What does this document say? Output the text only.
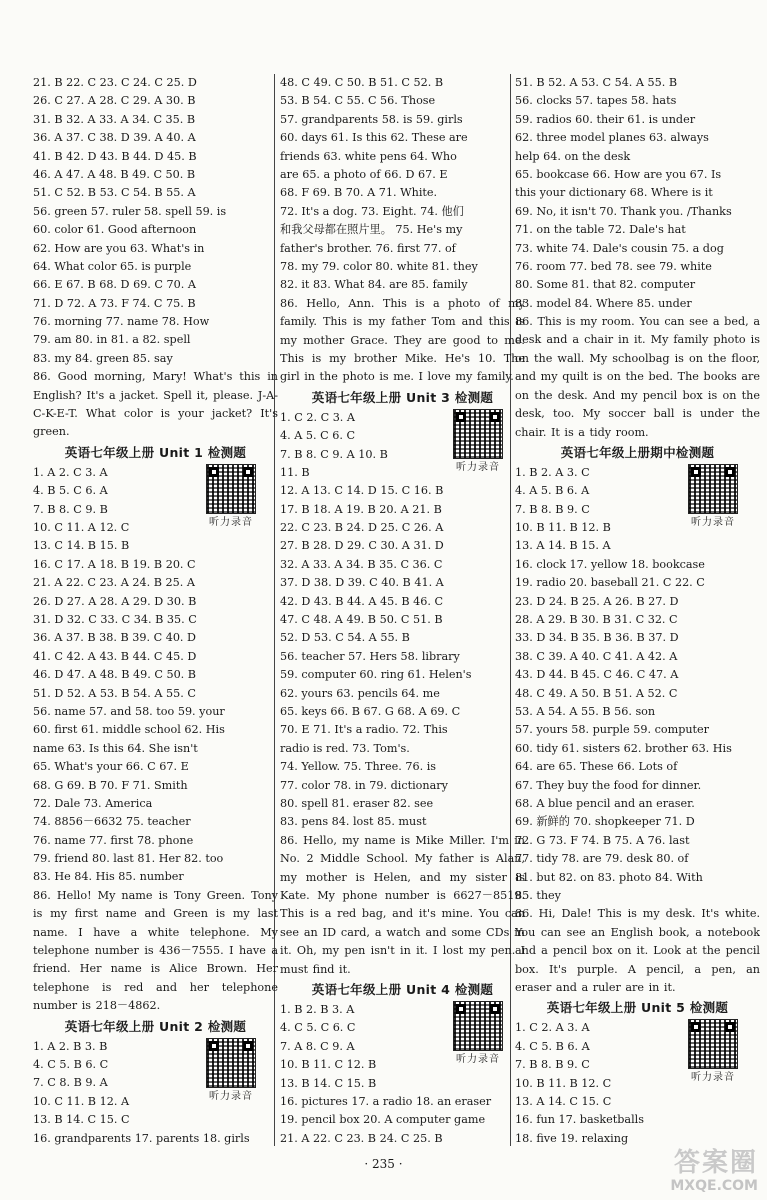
21. B 22. C 23. C 24. C 25. D
26. C 27. A 28. C 29. A 30. B
31. B 32. A 33. A 34. C 35. B
36. A 37. C 38. D 39. A 40. A
41. B 42. D 43. B 44. D 45. B
46. A 47. A 48. B 49. C 50. B
51. C 52. B 53. C 54. B 55. A
56. green 57. ruler 58. spell 59. is
60. color 61. Good afternoon
62. How are you 63. What's in
64. What color 65. is purple
66. E 67. B 68. D 69. C 70. A
71. D 72. A 73. F 74. C 75. B
76. morning 77. name 78. How
79. am 80. in 81. a 82. spell
83. my 84. green 85. say
86. Good morning, Mary! What's this in English? It's a jacket. Spell it, please. J-A-C-K-E-T. What color is your jacket? It's green.
英语七年级上册 Unit 1 检测题
听力录音
1. A 2. C 3. A
4. B 5. C 6. A
7. B 8. C 9. B
10. C 11. A 12. C
13. C 14. B 15. B
16. C 17. A 18. B 19. B 20. C
21. A 22. C 23. A 24. B 25. A
26. D 27. A 28. A 29. D 30. B
31. D 32. C 33. C 34. B 35. C
36. A 37. B 38. B 39. C 40. D
41. C 42. A 43. B 44. C 45. D
46. D 47. A 48. B 49. C 50. B
51. D 52. A 53. B 54. A 55. C
56. name 57. and 58. too 59. your
60. first 61. middle school 62. His
name 63. Is this 64. She isn't
65. What's your 66. C 67. E
68. G 69. B 70. F 71. Smith
72. Dale 73. America
74. 8856－6632 75. teacher
76. name 77. first 78. phone
79. friend 80. last 81. Her 82. too
83. He 84. His 85. number
86. Hello! My name is Tony Green. Tony is my first name and Green is my last name. I have a white telephone. My telephone number is 436－7555. I have a friend. Her name is Alice Brown. Her telephone is red and her telephone number is 218－4862.
英语七年级上册 Unit 2 检测题
听力录音
1. A 2. B 3. B
4. C 5. B 6. C
7. C 8. B 9. A
10. C 11. B 12. A
13. B 14. C 15. C
16. grandparents 17. parents 18. girls
48. C 49. C 50. B 51. C 52. B
53. B 54. C 55. C 56. Those
57. grandparents 58. is 59. girls
60. days 61. Is this 62. These are
friends 63. white pens 64. Who
are 65. a photo of 66. D 67. E
68. F 69. B 70. A 71. White.
72. It's a dog. 73. Eight. 74. 他们
和我父母都在照片里。 75. He's my
father's brother. 76. first 77. of
78. my 79. color 80. white 81. they
82. it 83. What 84. are 85. family
86. Hello, Ann. This is a photo of my family. This is my father Tom and this is my mother Grace. They are good to me. This is my brother Mike. He's 10. The girl in the photo is me. I love my family.
英语七年级上册 Unit 3 检测题
听力录音
1. C 2. C 3. A
4. A 5. C 6. C
7. B 8. C 9. A 10. B
11. B
12. A 13. C 14. D 15. C 16. B
17. B 18. A 19. B 20. A 21. B
22. C 23. B 24. D 25. C 26. A
27. B 28. D 29. C 30. A 31. D
32. A 33. A 34. B 35. C 36. C
37. D 38. D 39. C 40. B 41. A
42. D 43. B 44. A 45. B 46. C
47. C 48. A 49. B 50. C 51. B
52. D 53. C 54. A 55. B
56. teacher 57. Hers 58. library
59. computer 60. ring 61. Helen's
62. yours 63. pencils 64. me
65. keys 66. B 67. G 68. A 69. C
70. E 71. It's a radio. 72. This
radio is red. 73. Tom's.
74. Yellow. 75. Three. 76. is
77. color 78. in 79. dictionary
80. spell 81. eraser 82. see
83. pens 84. lost 85. must
86. Hello, my name is Mike Miller. I'm in No. 2 Middle School. My father is Alan, my mother is Helen, and my sister is Kate. My phone number is 6627－8519. This is a red bag, and it's mine. You can see an ID card, a watch and some CDs in it. Oh, my pen isn't in it. I lost my pen. I must find it.
英语七年级上册 Unit 4 检测题
听力录音
1. B 2. B 3. A
4. C 5. C 6. C
7. A 8. C 9. A
10. B 11. C 12. B
13. B 14. C 15. B
16. pictures 17. a radio 18. an eraser
19. pencil box 20. A computer game
21. A 22. C 23. B 24. C 25. B
51. B 52. A 53. C 54. A 55. B
56. clocks 57. tapes 58. hats
59. radios 60. their 61. is under
62. three model planes 63. always
help 64. on the desk
65. bookcase 66. How are you 67. Is
this your dictionary 68. Where is it
69. No, it isn't 70. Thank you. /Thanks
71. on the table 72. Dale's hat
73. white 74. Dale's cousin 75. a dog
76. room 77. bed 78. see 79. white
80. Some 81. that 82. computer
83. model 84. Where 85. under
86. This is my room. You can see a bed, a desk and a chair in it. My family photo is on the wall. My schoolbag is on the floor, and my quilt is on the bed. The books are on the desk. And my pencil box is on the desk, too. My soccer ball is under the chair. It is a tidy room.
英语七年级上册期中检测题
听力录音
1. B 2. A 3. C
4. A 5. B 6. A
7. B 8. B 9. C
10. B 11. B 12. B
13. A 14. B 15. A
16. clock 17. yellow 18. bookcase
19. radio 20. baseball 21. C 22. C
23. D 24. B 25. A 26. B 27. D
28. A 29. B 30. B 31. C 32. C
33. D 34. B 35. B 36. B 37. D
38. C 39. A 40. C 41. A 42. A
43. D 44. B 45. C 46. C 47. A
48. C 49. A 50. B 51. A 52. C
53. A 54. A 55. B 56. son
57. yours 58. purple 59. computer
60. tidy 61. sisters 62. brother 63. His
64. are 65. These 66. Lots of
67. They buy the food for dinner.
68. A blue pencil and an eraser.
69. 新鲜的 70. shopkeeper 71. D
72. G 73. F 74. B 75. A 76. last
77. tidy 78. are 79. desk 80. of
81. but 82. on 83. photo 84. With
85. they
86. Hi, Dale! This is my desk. It's white. You can see an English book, a notebook and a pencil box on it. Look at the pencil box. It's purple. A pencil, a pen, an eraser and a ruler are in it.
英语七年级上册 Unit 5 检测题
听力录音
1. C 2. A 3. A
4. C 5. B 6. A
7. B 8. B 9. C
10. B 11. B 12. C
13. A 14. C 15. C
16. fun 17. basketballs
18. five 19. relaxing
· 235 ·	答案圈
MXQE.COM
